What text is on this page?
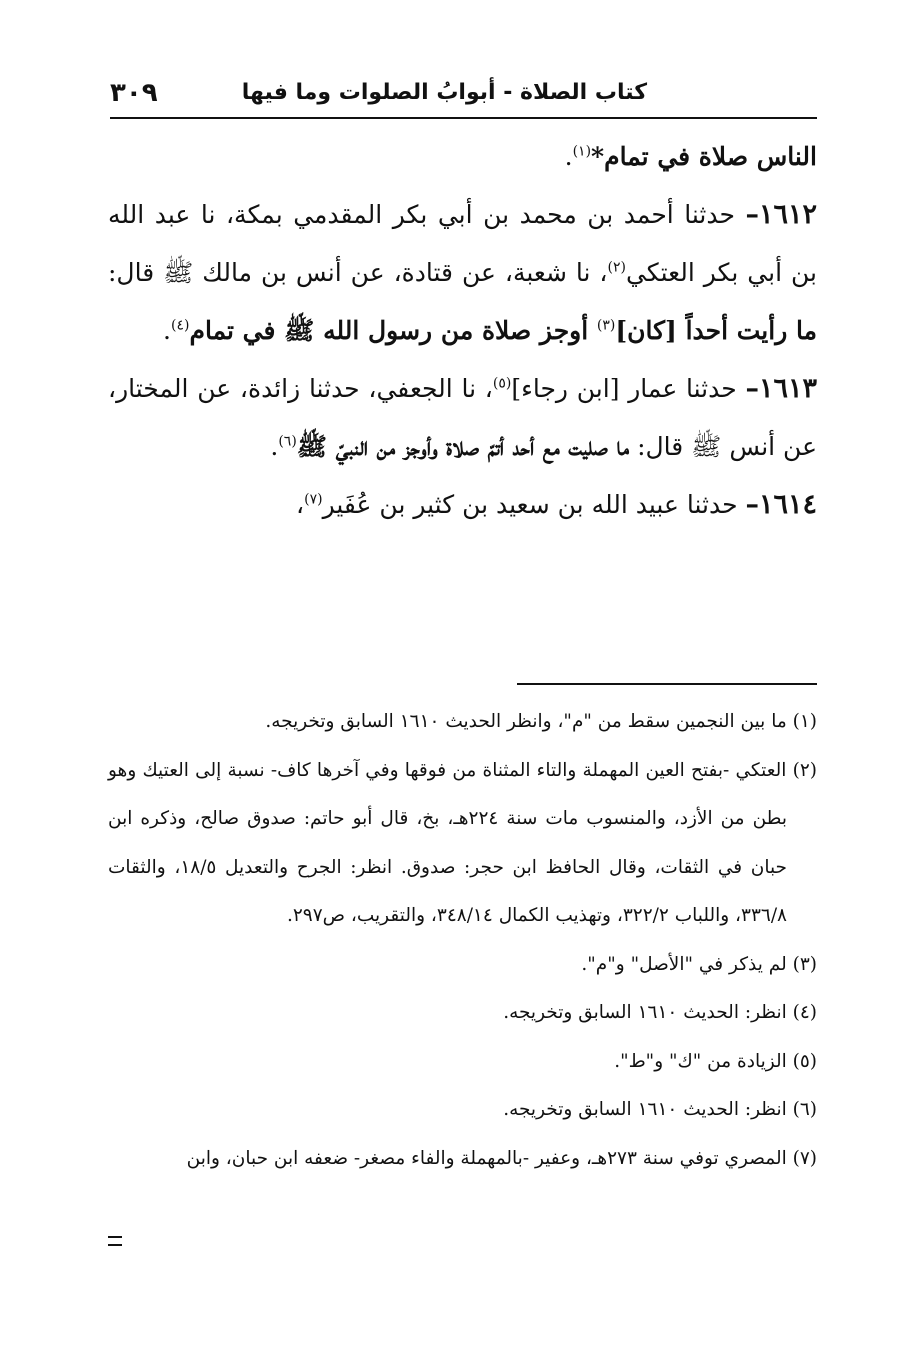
كتاب الصلاة - أبوابُ الصلوات وما فيها
٣٠٩

الناس صلاة في تمام*$^{(١)}$.

١٦١٢– حدثنا أحمد بن محمد بن أبي بكر المقدمي بمكة، نا عبد الله بن أبي بكر العتكي$^{(٢)}$، نا شعبة، عن قتادة، عن أنس بن مالك ﷺ قال: ما رأيت أحداً [كان]$^{(٣)}$ أوجز صلاة من رسول الله ﷺ في تمام$^{(٤)}$.

١٦١٣– حدثنا عمار [ابن رجاء]$^{(٥)}$، نا الجعفي، حدثنا زائدة، عن المختار، عن أنس ﷺ قال: ما صليت مع أحد أتمّ صلاة وأوجز من النبيّ ﷺ$^{(٦)}$.

١٦١٤– حدثنا عبيد الله بن سعيد بن كثير بن عُفَير$^{(٧)}$،

(١) ما بين النجمين سقط من "م"، وانظر الحديث ١٦١٠ السابق وتخريجه.

(٢) العتكي -بفتح العين المهملة والتاء المثناة من فوقها وفي آخرها كاف- نسبة إلى العتيك وهو بطن من الأزد، والمنسوب مات سنة ٢٢٤هـ، بخ، قال أبو حاتم: صدوق صالح، وذكره ابن حبان في الثقات، وقال الحافظ ابن حجر: صدوق. انظر: الجرح والتعديل ١٨/٥، والثقات ٣٣٦/٨، واللباب ٣٢٢/٢، وتهذيب الكمال ٣٤٨/١٤، والتقريب، ص٢٩٧.

(٣) لم يذكر في "الأصل" و"م".

(٤) انظر: الحديث ١٦١٠ السابق وتخريجه.

(٥) الزيادة من "ك" و"ط".

(٦) انظر: الحديث ١٦١٠ السابق وتخريجه.

(٧) المصري توفي سنة ٢٧٣هـ، وعفير -بالمهملة والفاء مصغر- ضعفه ابن حبان، وابن
